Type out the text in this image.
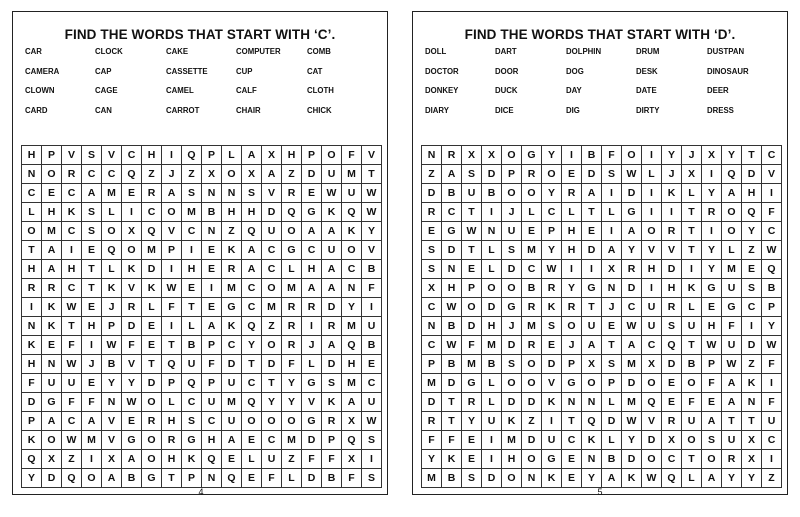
FIND THE WORDS THAT START WITH ‘C’.
CAR	CLOCK	CAKE	COMPUTER	COMB
CAMERA	CAP	CASSETTE	CUP	CAT
CLOWN	CAGE	CAMEL	CALF	CLOTH
CARD	CAN	CARROT	CHAIR	CHICK
H	P	V	S	V	C	H	I	Q	P	L	A	X	H	P	O	F	V
N	O	R	C	C	Q	Z	J	Z	X	O	X	A	Z	D	U	M	T
C	E	C	A	M	E	R	A	S	N	N	S	V	R	E	W	U	W
L	H	K	S	L	I	C	O	M	B	H	H	D	Q	G	K	Q	W
O	M	C	S	O	X	Q	V	C	N	Z	Q	U	O	A	A	K	Y
T	A	I	E	Q	O	M	P	I	E	K	A	C	G	C	U	O	V
H	A	H	T	L	K	D	I	H	E	R	A	C	L	H	A	C	B
R	R	C	T	K	V	K	W	E	I	M	C	O	M	A	A	N	F
I	K	W	E	J	R	L	F	T	E	G	C	M	R	R	D	Y	I
N	K	T	H	P	D	E	I	L	A	K	Q	Z	R	I	R	M	U
K	E	F	I	W	F	E	T	B	P	C	Y	O	R	J	A	Q	B
H	N	W	J	B	V	T	Q	U	F	D	T	D	F	L	D	H	E
F	U	U	E	Y	Y	D	P	Q	P	U	C	T	Y	G	S	M	C
D	G	F	F	N	W	O	L	C	U	M	Q	Y	Y	V	K	A	U
P	A	C	A	V	E	R	H	S	C	U	O	O	O	G	R	X	W
K	O	W	M	V	G	O	R	G	H	A	E	C	M	D	P	Q	S
Q	X	Z	I	X	A	O	H	K	Q	E	L	U	Z	F	F	X	I
Y	D	Q	O	A	B	G	T	P	N	Q	E	F	L	D	B	F	S
4
FIND THE WORDS THAT START WITH ‘D’.
DOLL	DART	DOLPHIN	DRUM	DUSTPAN
DOCTOR	DOOR	DOG	DESK	DINOSAUR
DONKEY	DUCK	DAY	DATE	DEER
DIARY	DICE	DIG	DIRTY	DRESS
N	R	X	X	O	G	Y	I	B	F	O	I	Y	J	X	Y	T	C
Z	A	S	D	P	R	O	E	D	S	W	L	J	X	I	Q	D	V
D	B	U	B	O	O	Y	R	A	I	D	I	K	L	Y	A	H	I
R	C	T	I	J	L	C	L	T	L	G	I	I	T	R	O	Q	F
E	G	W	N	U	E	P	H	E	I	A	O	R	T	I	O	Y	C
S	D	T	L	S	M	Y	H	D	A	Y	V	V	T	Y	L	Z	W
S	N	E	L	D	C	W	I	I	X	R	H	D	I	Y	M	E	Q
X	H	P	O	O	B	R	Y	G	N	D	I	H	K	G	U	S	B
C	W	O	D	G	R	K	R	T	J	C	U	R	L	E	G	C	P
N	B	D	H	J	M	S	O	U	E	W	U	S	U	H	F	I	Y
C	W	F	M	D	R	E	J	A	T	A	C	Q	T	W	U	D	W
P	B	M	B	S	O	D	P	X	S	M	X	D	B	P	W	Z	F
M	D	G	L	O	O	V	G	O	P	D	O	E	O	F	A	K	I
D	T	R	L	D	D	K	N	N	L	M	Q	E	F	E	A	N	F
R	T	Y	U	K	Z	I	T	Q	D	W	V	R	U	A	T	T	U
F	F	E	I	M	D	U	C	K	L	Y	D	X	O	S	U	X	C
Y	K	E	I	H	O	G	E	N	B	D	O	C	T	O	R	X	I
M	B	S	D	O	N	K	E	Y	A	K	W	Q	L	A	Y	Y	Z
5
